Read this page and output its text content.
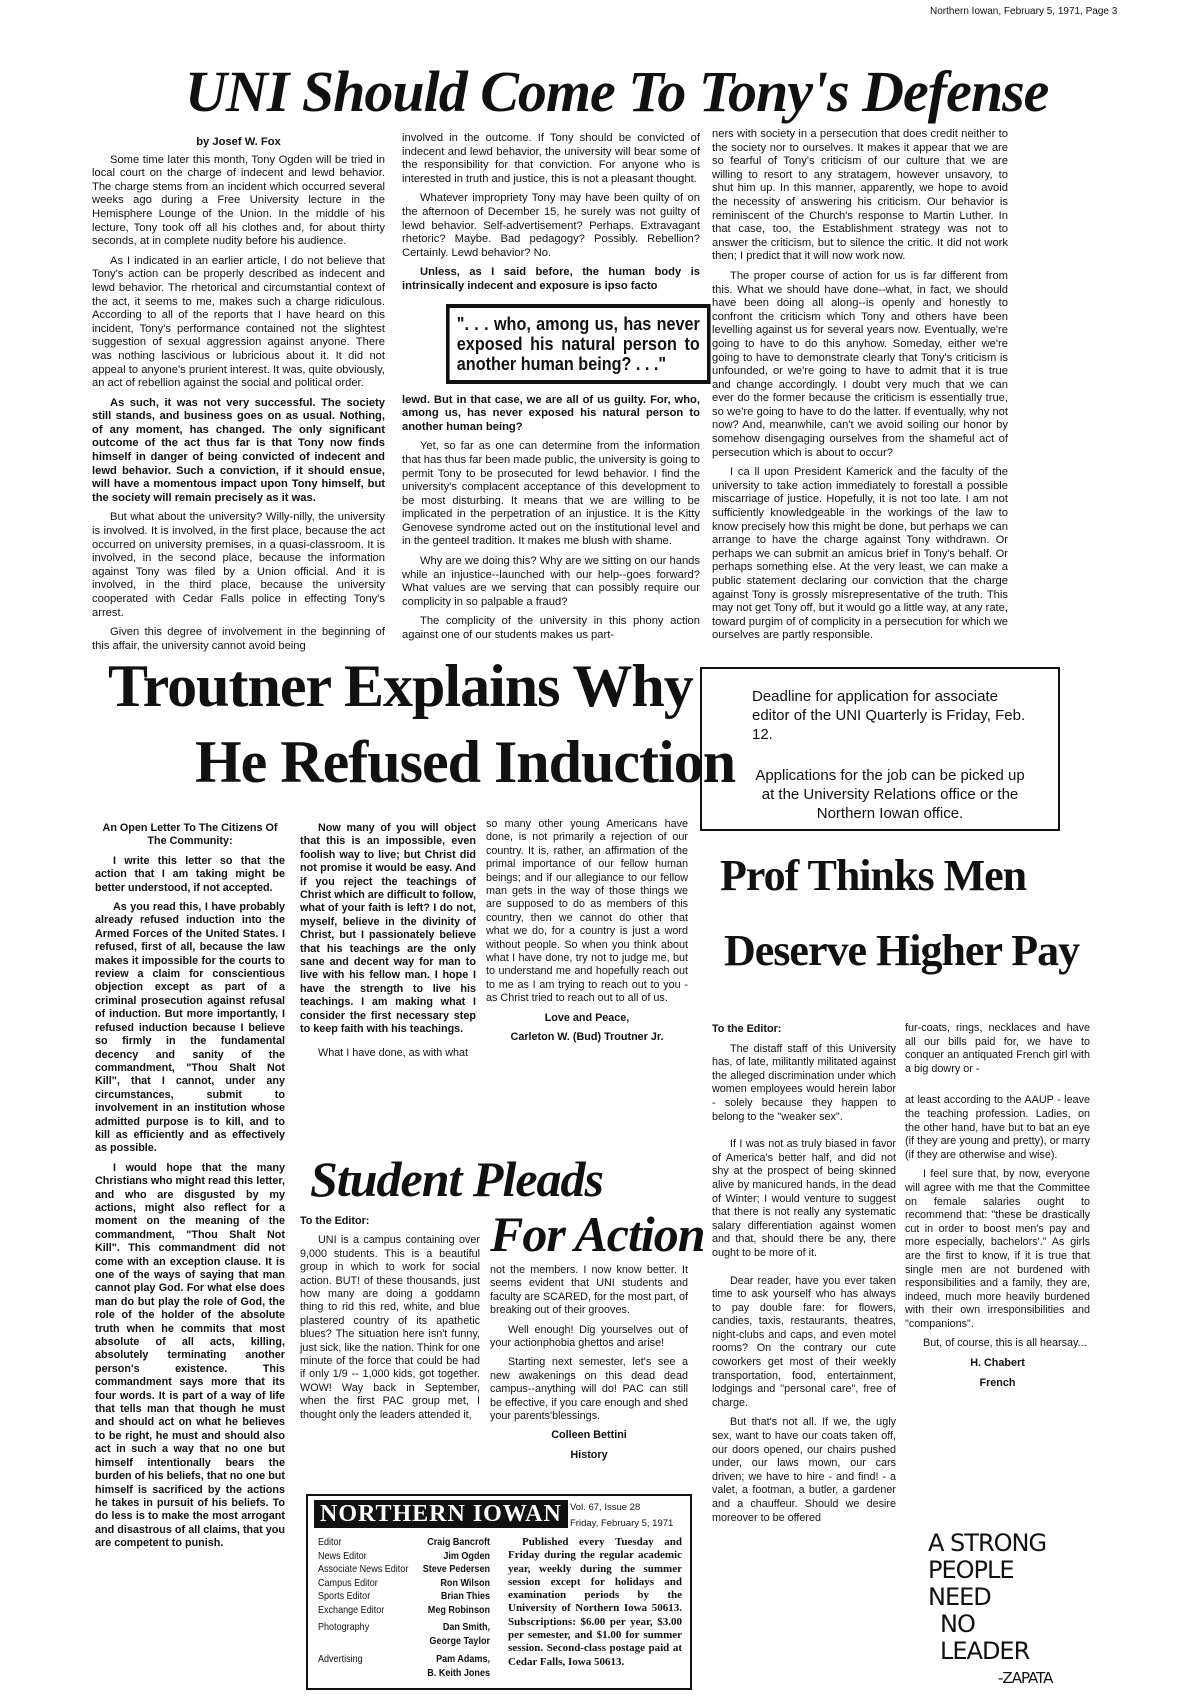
Northern Iowan, February 5, 1971, Page 3
UNI Should Come To Tony's Defense

by Josef W. Fox

Some time later this month, Tony Ogden will be tried in local court on the charge of indecent and lewd behavior. The charge stems from an incident which occurred several weeks ago during a Free University lecture in the Hemisphere Lounge of the Union. In the middle of his lecture, Tony took off all his clothes and, for about thirty seconds, at in complete nudity before his audience.

As I indicated in an earlier article, I do not believe that Tony's action can be properly described as indecent and lewd behavior. The rhetorical and circumstantial context of the act, it seems to me, makes such a charge ridiculous. According to all of the reports that I have heard on this incident, Tony's performance contained not the slightest suggestion of sexual aggression against anyone. There was nothing lascivious or lubricious about it. It did not appeal to anyone's prurient interest. It was, quite obviously, an act of rebellion against the social and political order.

As such, it was not very successful. The society still stands, and business goes on as usual. Nothing, of any moment, has changed. The only significant outcome of the act thus far is that Tony now finds himself in danger of being convicted of indecent and lewd behavior. Such a conviction, if it should ensue, will have a momentous impact upon Tony himself, but the society will remain precisely as it was.

But what about the university? Willy-nilly, the university is involved. It is involved, in the first place, because the act occurred on university premises, in a quasi-classroom. It is involved, in the second place, because the information against Tony was filed by a Union official. And it is involved, in the third place, because the university cooperated with Cedar Falls police in effecting Tony's arrest.

Given this degree of involvement in the beginning of this affair, the university cannot avoid being

involved in the outcome. If Tony should be convicted of indecent and lewd behavior, the university will bear some of the responsibility for that conviction. For anyone who is interested in truth and justice, this is not a pleasant thought.

Whatever impropriety Tony may have been quilty of on the afternoon of December 15, he surely was not guilty of lewd behavior. Self-advertisement? Perhaps. Extravagant rhetoric? Maybe. Bad pedagogy? Possibly. Rebellion? Certainly. Lewd behavior? No.

Unless, as I said before, the human body is intrinsically indecent and exposure is ipso facto

". . . who, among us, has never exposed his natural person to another human being? . . ."

lewd. But in that case, we are all of us guilty. For, who, among us, has never exposed his natural person to another human being?

Yet, so far as one can determine from the information that has thus far been made public, the university is going to permit Tony to be prosecuted for lewd behavior. I find the university's complacent acceptance of this development to be most disturbing. It means that we are willing to be implicated in the perpetration of an injustice. It is the Kitty Genovese syndrome acted out on the institutional level and in the genteel tradition. It makes me blush with shame.

Why are we doing this? Why are we sitting on our hands while an injustice--launched with our help--goes forward? What values are we serving that can possibly require our complicity in so palpable a fraud?

The complicity of the university in this phony action against one of our students makes us part-

ners with society in a persecution that does credit neither to the society nor to ourselves. It makes it appear that we are so fearful of Tony's criticism of our culture that we are willing to resort to any stratagem, however unsavory, to shut him up. In this manner, apparently, we hope to avoid the necessity of answering his criticism. Our behavior is reminiscent of the Church's response to Martin Luther. In that case, too, the Establishment strategy was not to answer the criticism, but to silence the critic. It did not work then; I predict that it will now work now.

The proper course of action for us is far different from this. What we should have done--what, in fact, we should have been doing all along--is openly and honestly to confront the criticism which Tony and others have been levelling against us for several years now. Eventually, we're going to have to do this anyhow. Someday, either we're going to have to demonstrate clearly that Tony's criticism is unfounded, or we're going to have to admit that it is true and change accordingly. I doubt very much that we can ever do the former because the criticism is essentially true, so we're going to have to do the latter. If eventually, why not now? And, meanwhile, can't we avoid soiling our honor by somehow disengaging ourselves from the shameful act of persecution which is about to occur?

I ca ll upon President Kamerick and the faculty of the university to take action immediately to forestall a possible miscarriage of justice. Hopefully, it is not too late. I am not sufficiently knowledgeable in the workings of the law to know precisely how this might be done, but perhaps we can arrange to have the charge against Tony withdrawn. Or perhaps we can submit an amicus brief in Tony's behalf. Or perhaps something else. At the very least, we can make a public statement declaring our conviction that the charge against Tony is grossly misrepresentative of the truth. This may not get Tony off, but it would go a little way, at any rate, toward purgim of of complicity in a persecution for which we ourselves are partly responsible.

Troutner Explains Why
He Refused Induction

An Open Letter To The Citizens Of The Community:

I write this letter so that the action that I am taking might be better understood, if not accepted.

As you read this, I have probably already refused induction into the Armed Forces of the United States. I refused, first of all, because the law makes it impossible for the courts to review a claim for conscientious objection except as part of a criminal prosecution against refusal of induction. But more importantly, I refused induction because I believe so firmly in the fundamental decency and sanity of the commandment, "Thou Shalt Not Kill", that I cannot, under any circumstances, submit to involvement in an institution whose admitted purpose is to kill, and to kill as efficiently and as effectively as possible.

I would hope that the many Christians who might read this letter, and who are disgusted by my actions, might also reflect for a moment on the meaning of the commandment, "Thou Shalt Not Kill". This commandment did not come with an exception clause. It is one of the ways of saying that man cannot play God. For what else does man do but play the role of God, the role of the holder of the absolute truth when he commits that most absolute of all acts, killing, absolutely terminating another person's existence. This commandment says more that its four words. It is part of a way of life that tells man that though he must and should act on what he believes to be right, he must and should also act in such a way that no one but himself intentionally bears the burden of his beliefs, that no one but himself is sacrificed by the actions he takes in pursuit of his beliefs. To do less is to make the most arrogant and disastrous of all claims, that you are competent to punish.

Now many of you will object that this is an impossible, even foolish way to live; but Christ did not promise it would be easy. And if you reject the teachings of Christ which are difficult to follow, what of your faith is left? I do not, myself, believe in the divinity of Christ, but I passionately believe that his teachings are the only sane and decent way for man to live with his fellow man. I hope I have the strength to live his teachings. I am making what I consider the first necessary step to keep faith with his teachings.

What I have done, as with what

so many other young Americans have done, is not primarily a rejection of our country. It is, rather, an affirmation of the primal importance of our fellow human beings; and if our allegiance to our fellow man gets in the way of those things we are supposed to do as members of this country, then we cannot do other that what we do, for a country is just a word without people. So when you think about what I have done, try not to judge me, but to understand me and hopefully reach out to me as I am trying to reach out to you - as Christ tried to reach out to all of us.

Love and Peace,

Carleton W. (Bud) Troutner Jr.

Deadline for application for associate editor of the UNI Quarterly is Friday, Feb. 12.
Applications for the job can be picked up at the University Relations office or the Northern Iowan office.
Prof Thinks Men
Deserve Higher Pay

To the Editor:

The distaff staff of this University has, of late, militantly militated against the alleged discrimination under which women employees would herein labor - solely because they happen to belong to the "weaker sex".

If I was not as truly biased in favor of America's better half, and did not shy at the prospect of being skinned alive by manicured hands, in the dead of Winter; I would venture to suggest that there is not really any systematic salary differentiation against women and that, should there be any, there ought to be more of it.

Dear reader, have you ever taken time to ask yourself who has always to pay double fare: for flowers, candies, taxis, restaurants, theatres, night-clubs and caps, and even motel rooms? On the contrary our cute coworkers get most of their weekly transportation, food, entertainment, lodgings and "personal care", free of charge.

But that's not all. If we, the ugly sex, want to have our coats taken off, our doors opened, our chairs pushed under, our laws mown, our cars driven; we have to hire - and find! - a valet, a footman, a butler, a gardener and a chauffeur. Should we desire moreover to be offered

fur-coats, rings, necklaces and have all our bills paid for, we have to conquer an antiquated French girl with a big dowry or -

at least according to the AAUP - leave the teaching profession. Ladies, on the other hand, have but to bat an eye (if they are young and pretty), or marry (if they are otherwise and wise).

I feel sure that, by now, everyone will agree with me that the Committee on female salaries ought to recommend that: "these be drastically cut in order to boost men's pay and more especially, bachelors'." As girls are the first to know, if it is true that single men are not burdened with responsibilities and a family, they are, indeed, much more heavily burdened with their own irresponsibilities and "companions".

But, of course, this is all hearsay...

H. Chabert

French

Student Pleads
For Action

To the Editor:

UNI is a campus containing over 9,000 students. This is a beautiful group in which to work for social action. BUT! of these thousands, just how many are doing a goddamn thing to rid this red, white, and blue plastered country of its apathetic blues? The situation here isn't funny, just sick, like the nation. Think for one minute of the force that could be had if only 1/9 -- 1,000 kids, got together. WOW! Way back in September, when the first PAC group met, I thought only the leaders attended it,

not the members. I now know better. It seems evident that UNI students and faculty are SCARED, for the most part, of breaking out of their grooves.

Well enough! Dig yourselves out of your actionphobia ghettos and arise!

Starting next semester, let's see a new awakenings on this dead dead campus--anything will do! PAC can still be effective, if you care enough and shed your parents'blessings.

Colleen Bettini

History

NORTHERN IOWAN Vol. 67, Issue 28
Friday, February 5, 1971
Editor	Craig Bancroft
News Editor	Jim Ogden
Associate News Editor Steve Pedersen
Campus Editor	Ron Wilson
Sports Editor	Brian Thies
Exchange Editor	Meg Robinson
Photography	Dan Smith,
George Taylor
Advertising	Pam Adams,
B. Keith Jones
Published every Tuesday and Friday during the regular academic year, weekly during the summer session except for holidays and examination periods by the University of Northern Iowa 50613. Subscriptions: $6.00 per year, $3.00 per semester, and $1.00 for summer session. Second-class postage paid at Cedar Falls, Iowa 50613.
A STRONG
PEOPLE
NEED
NO LEADER
-ZAPATA
